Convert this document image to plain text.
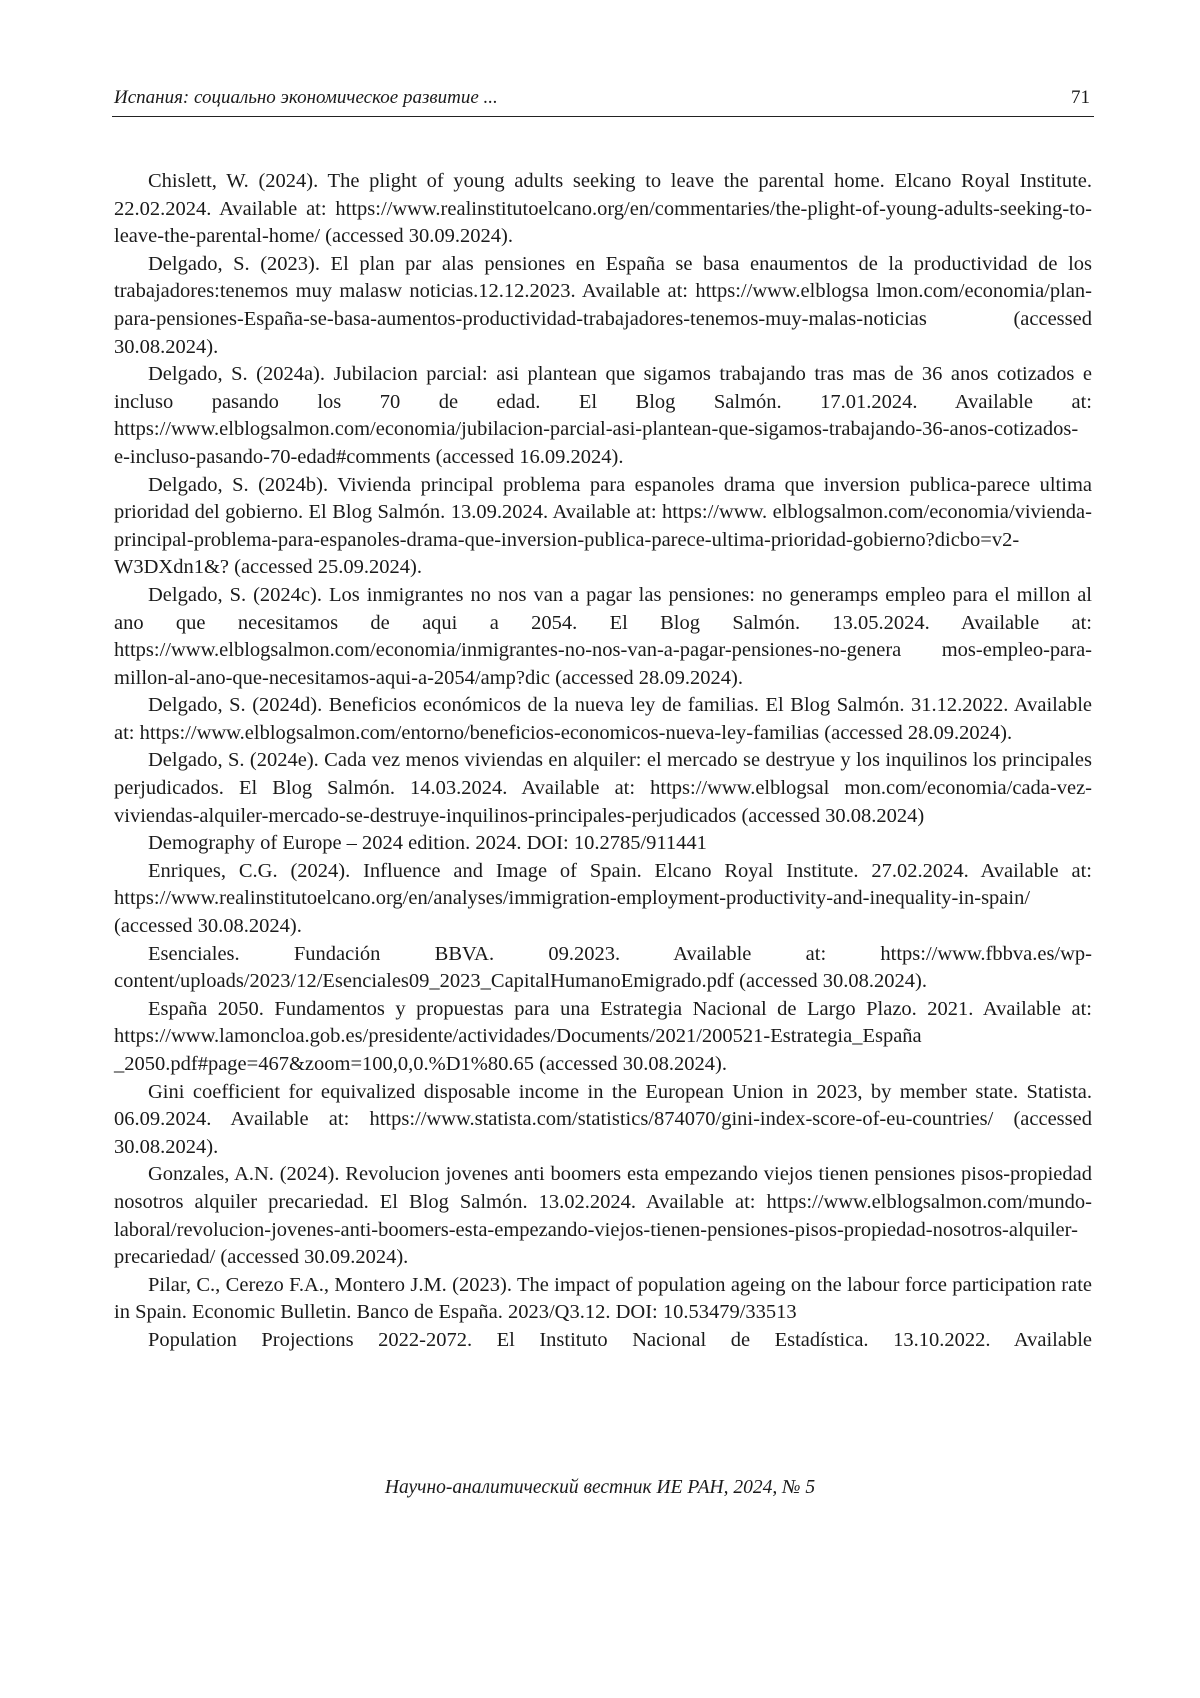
Испания: социально экономическое развитие ...	71

Chislett, W. (2024). The plight of young adults seeking to leave the parental home. Elcano Royal Institute. 22.02.2024. Available at: https://www.realinstitutoelcano.org/en/commentaries/the-plight-of-young-adults-seeking-to-leave-the-parental-home/ (accessed 30.09.2024).

Delgado, S. (2023). El plan par alas pensiones en España se basa enaumentos de la productividad de los trabajadores:tenemos muy malasw noticias.12.12.2023. Available at: https://www.elblogsa lmon.com/economia/plan-para-pensiones-España-se-basa-aumentos-productividad-trabajadores-tenemos-muy-malas-noticias (accessed 30.08.2024).

Delgado, S. (2024a). Jubilacion parcial: asi plantean que sigamos trabajando tras mas de 36 anos cotizados e incluso pasando los 70 de edad. El Blog Salmón. 17.01.2024. Available at: https://www.elblogsalmon.com/economia/jubilacion-parcial-asi-plantean-que-sigamos-trabajando-36-anos-cotizados-e-incluso-pasando-70-edad#comments (accessed 16.09.2024).

Delgado, S. (2024b). Vivienda principal problema para espanoles drama que inversion publica-parece ultima prioridad del gobierno. El Blog Salmón. 13.09.2024. Available at: https://www. elblogsalmon.com/economia/vivienda-principal-problema-para-espanoles-drama-que-inversion-publica-parece-ultima-prioridad-gobierno?dicbo=v2-W3DXdn1&? (accessed 25.09.2024).

Delgado, S. (2024c). Los inmigrantes no nos van a pagar las pensiones: no generamps empleo para el millon al ano que necesitamos de aqui a 2054. El Blog Salmón. 13.05.2024. Available at: https://www.elblogsalmon.com/economia/inmigrantes-no-nos-van-a-pagar-pensiones-no-genera mos-empleo-para-millon-al-ano-que-necesitamos-aqui-a-2054/amp?dic (accessed 28.09.2024).

Delgado, S. (2024d). Beneficios económicos de la nueva ley de familias. El Blog Salmón. 31.12.2022. Available at: https://www.elblogsalmon.com/entorno/beneficios-economicos-nueva-ley-familias (accessed 28.09.2024).

Delgado, S. (2024e). Cada vez menos viviendas en alquiler: el mercado se destryue y los inquilinos los principales perjudicados. El Blog Salmón. 14.03.2024. Available at: https://www.elblogsal mon.com/economia/cada-vez-viviendas-alquiler-mercado-se-destruye-inquilinos-principales-perjudicados (accessed 30.08.2024)

Demography of Europe – 2024 edition. 2024. DOI: 10.2785/911441

Enriques, C.G. (2024). Influence and Image of Spain. Elcano Royal Institute. 27.02.2024. Available at: https://www.realinstitutoelcano.org/en/analyses/immigration-employment-productivity-and-inequality-in-spain/ (accessed 30.08.2024).

Esenciales. Fundación BBVA. 09.2023. Available at: https://www.fbbva.es/wp-content/uploads/2023/12/Esenciales09_2023_CapitalHumanoEmigrado.pdf (accessed 30.08.2024).

España 2050. Fundamentos y propuestas para una Estrategia Nacional de Largo Plazo. 2021. Available at: https://www.lamoncloa.gob.es/presidente/actividades/Documents/2021/200521-Estrategia_España _2050.pdf#page=467&zoom=100,0,0.%D1%80.65 (accessed 30.08.2024).

Gini coefficient for equivalized disposable income in the European Union in 2023, by member state. Statista. 06.09.2024. Available at: https://www.statista.com/statistics/874070/gini-index-score-of-eu-countries/ (accessed 30.08.2024).

Gonzales, A.N. (2024). Revolucion jovenes anti boomers esta empezando viejos tienen pensiones pisos-propiedad nosotros alquiler precariedad. El Blog Salmón. 13.02.2024. Available at: https://www.elblogsalmon.com/mundo-laboral/revolucion-jovenes-anti-boomers-esta-empezando-viejos-tienen-pensiones-pisos-propiedad-nosotros-alquiler-precariedad/ (accessed 30.09.2024).

Pilar, C., Cerezo F.A., Montero J.M. (2023). The impact of population ageing on the labour force participation rate in Spain. Economic Bulletin. Banco de España. 2023/Q3.12. DOI: 10.53479/33513

Population Projections 2022-2072. El Instituto Nacional de Estadística. 13.10.2022. Available

Научно-аналитический вестник ИЕ РАН, 2024, № 5
